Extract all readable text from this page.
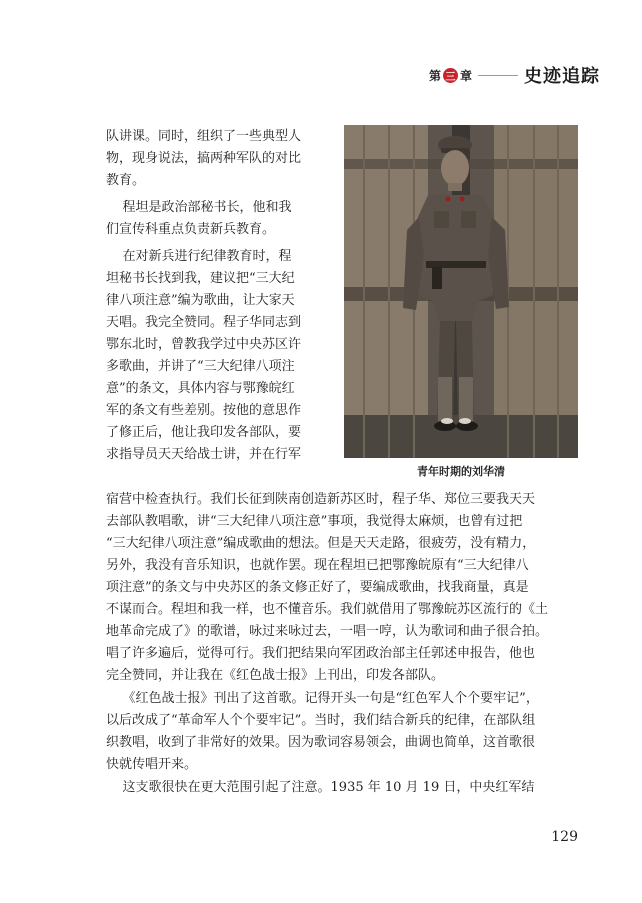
第 三 章	史迹追踪
青年时期的刘华清
队讲课。同时，组织了一些典型人
物，现身说法，搞两种军队的对比
教育。
程坦是政治部秘书长，他和我
们宣传科重点负责新兵教育。
在对新兵进行纪律教育时，程
坦秘书长找到我，建议把“三大纪
律八项注意”编为歌曲，让大家天
天唱。我完全赞同。程子华同志到
鄂东北时，曾教我学过中央苏区许
多歌曲，并讲了“三大纪律八项注
意”的条文，具体内容与鄂豫皖红
军的条文有些差别。按他的意思作
了修正后，他让我印发各部队，要
求指导员天天给战士讲，并在行军
宿营中检查执行。我们长征到陕南创造新苏区时，程子华、郑位三要我天天
去部队教唱歌，讲“三大纪律八项注意”事项，我觉得太麻烦，也曾有过把
“三大纪律八项注意”编成歌曲的想法。但是天天走路，很疲劳，没有精力，
另外，我没有音乐知识，也就作罢。现在程坦已把鄂豫皖原有“三大纪律八
项注意”的条文与中央苏区的条文修正好了，要编成歌曲，找我商量，真是
不谋而合。程坦和我一样，也不懂音乐。我们就借用了鄂豫皖苏区流行的《土
地革命完成了》的歌谱，咏过来咏过去，一唱一哼，认为歌词和曲子很合拍。
唱了许多遍后，觉得可行。我们把结果向军团政治部主任郭述申报告，他也
完全赞同，并让我在《红色战士报》上刊出，印发各部队。
《红色战士报》刊出了这首歌。记得开头一句是“红色军人个个要牢记”，
以后改成了“革命军人个个要牢记”。当时，我们结合新兵的纪律，在部队组
织教唱，收到了非常好的效果。因为歌词容易领会，曲调也简单，这首歌很
快就传唱开来。
这支歌很快在更大范围引起了注意。1935 年 10 月 19 日，中央红军结
129
